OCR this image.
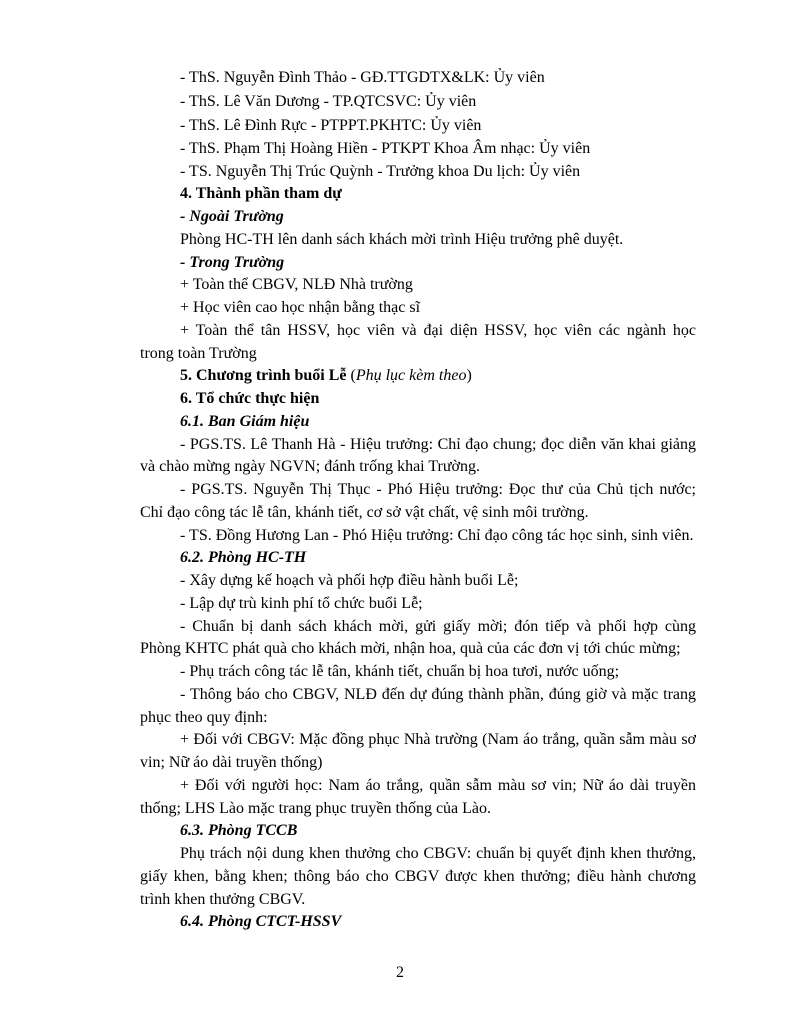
- ThS. Nguyễn Đình Thảo - GĐ.TTGDTX&LK: Ủy viên
- ThS. Lê Văn Dương - TP.QTCSVC: Ủy viên
- ThS. Lê Đình Rực - PTPPT.PKHTC: Ủy viên
- ThS. Phạm Thị Hoàng Hiền - PTKPT Khoa Âm nhạc: Ủy viên
- TS. Nguyễn Thị Trúc Quỳnh - Trưởng khoa Du lịch: Ủy viên
4. Thành phần tham dự
- Ngoài Trường
Phòng HC-TH lên danh sách khách mời trình Hiệu trưởng phê duyệt.
- Trong Trường
+ Toàn thể CBGV, NLĐ Nhà trường
+ Học viên cao học nhận bằng thạc sĩ
+ Toàn thể tân HSSV, học viên và đại diện HSSV, học viên các ngành học
trong toàn Trường
5. Chương trình buổi Lễ (Phụ lục kèm theo)
6. Tổ chức thực hiện
6.1. Ban Giám hiệu
- PGS.TS. Lê Thanh Hà - Hiệu trưởng: Chỉ đạo chung; đọc diễn văn khai giảng
và chào mừng ngày NGVN; đánh trống khai Trường.
- PGS.TS. Nguyễn Thị Thục - Phó Hiệu trưởng: Đọc thư của Chủ tịch nước;
Chỉ đạo công tác lễ tân, khánh tiết, cơ sở vật chất, vệ sinh môi trường.
- TS. Đồng Hương Lan - Phó Hiệu trưởng: Chỉ đạo công tác học sinh, sinh viên.
6.2. Phòng HC-TH
- Xây dựng kế hoạch và phối hợp điều hành buổi Lễ;
- Lập dự trù kinh phí tổ chức buổi Lễ;
- Chuẩn bị danh sách khách mời, gửi giấy mời; đón tiếp và phối hợp cùng
Phòng KHTC phát quà cho khách mời, nhận hoa, quà của các đơn vị tới chúc mừng;
- Phụ trách công tác lễ tân, khánh tiết, chuẩn bị hoa tươi, nước uống;
- Thông báo cho CBGV, NLĐ đến dự đúng thành phần, đúng giờ và mặc trang
phục theo quy định:
+ Đối với CBGV: Mặc đồng phục Nhà trường (Nam áo trắng, quần sẫm màu sơ
vin; Nữ áo dài truyền thống)
+ Đối với người học: Nam áo trắng, quần sẫm màu sơ vin; Nữ áo dài truyền
thống; LHS Lào mặc trang phục truyền thống của Lào.
6.3. Phòng TCCB
Phụ trách nội dung khen thưởng cho CBGV: chuẩn bị quyết định khen thưởng,
giấy khen, bằng khen; thông báo cho CBGV được khen thưởng; điều hành chương
trình khen thưởng CBGV.
6.4. Phòng CTCT-HSSV
2
